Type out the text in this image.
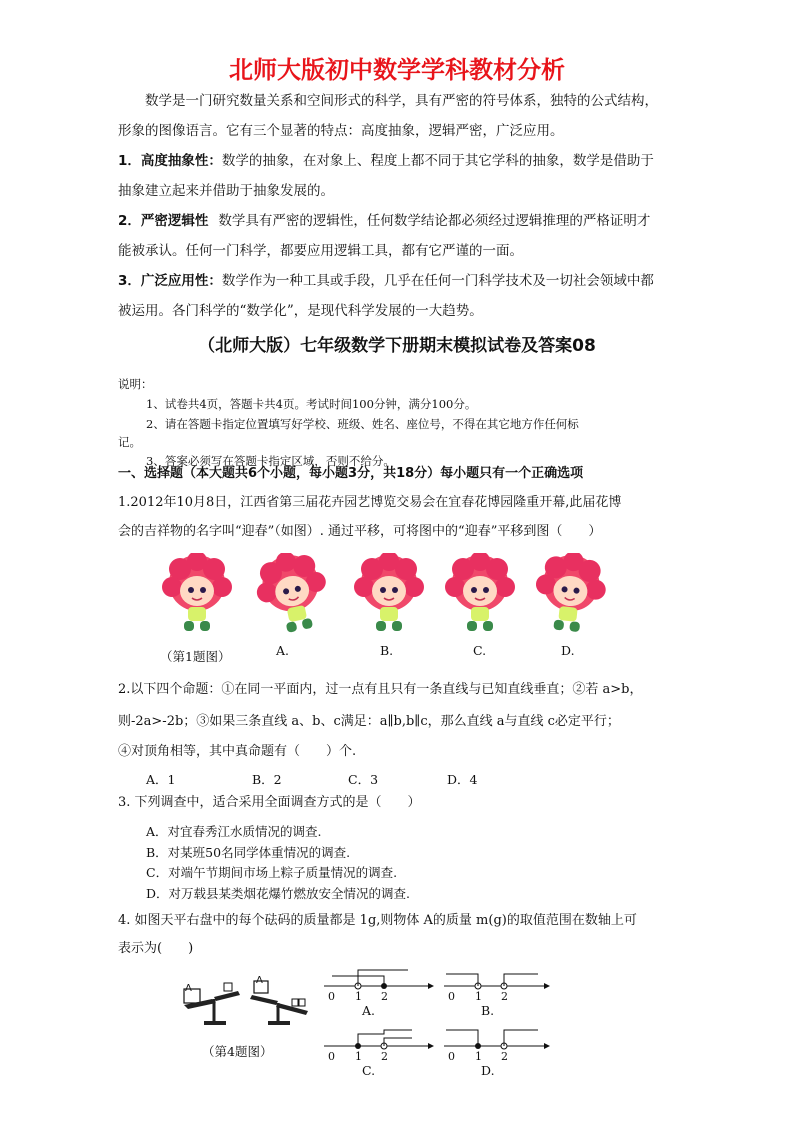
北师大版初中数学学科教材分析
数学是一门研究数量关系和空间形式的科学，具有严密的符号体系，独特的公式结构，
形象的图像语言。它有三个显著的特点：高度抽象，逻辑严密，广泛应用。
1．高度抽象性：数学的抽象，在对象上、程度上都不同于其它学科的抽象，数学是借助于
抽象建立起来并借助于抽象发展的。
2．严密逻辑性 数学具有严密的逻辑性，任何数学结论都必须经过逻辑推理的严格证明才
能被承认。任何一门科学，都要应用逻辑工具，都有它严谨的一面。
3．广泛应用性：数学作为一种工具或手段，几乎在任何一门科学技术及一切社会领域中都
被运用。各门科学的“数学化”，是现代科学发展的一大趋势。
（北师大版）七年级数学下册期末模拟试卷及答案08
说明：
1、试卷共4页，答题卡共4页。考试时间100分钟，满分100分。
2、请在答题卡指定位置填写好学校、班级、姓名、座位号，不得在其它地方作任何标
记。
3、答案必须写在答题卡指定区域，否则不给分。
一、选择题（本大题共6个小题，每小题3分，共18分）每小题只有一个正确选项
1.2012年10月8日，江西省第三届花卉园艺博览交易会在宜春花博园隆重开幕,此届花博
会的吉祥物的名字叫“迎春”（如图）. 通过平移，可将图中的“迎春”平移到图（　　）
（第1题图）	A.	B.	C.	D.
2.以下四个命题：①在同一平面内，过一点有且只有一条直线与已知直线垂直；②若 a>b，
则-2a>-2b；③如果三条直线 a、b、c满足：a∥b,b∥c，那么直线 a与直线 c必定平行；
④对顶角相等，其中真命题有（　　）个.
A．1	B．2	C．3	D．4
3. 下列调查中，适合采用全面调查方式的是（　　）
A．对宜春秀江水质情况的调查.
B．对某班50名同学体重情况的调查.
C．对端午节期间市场上粽子质量情况的调查.
D．对万载县某类烟花爆竹燃放安全情况的调查.
4. 如图天平右盘中的每个砝码的质量都是 1g,则物体 A的质量 m(g)的取值范围在数轴上可
表示为(　　)
A
A
（第4题图）
0 1 2
A.
0 1 2
B.
0 1 2
C.
0 1 2
D.
